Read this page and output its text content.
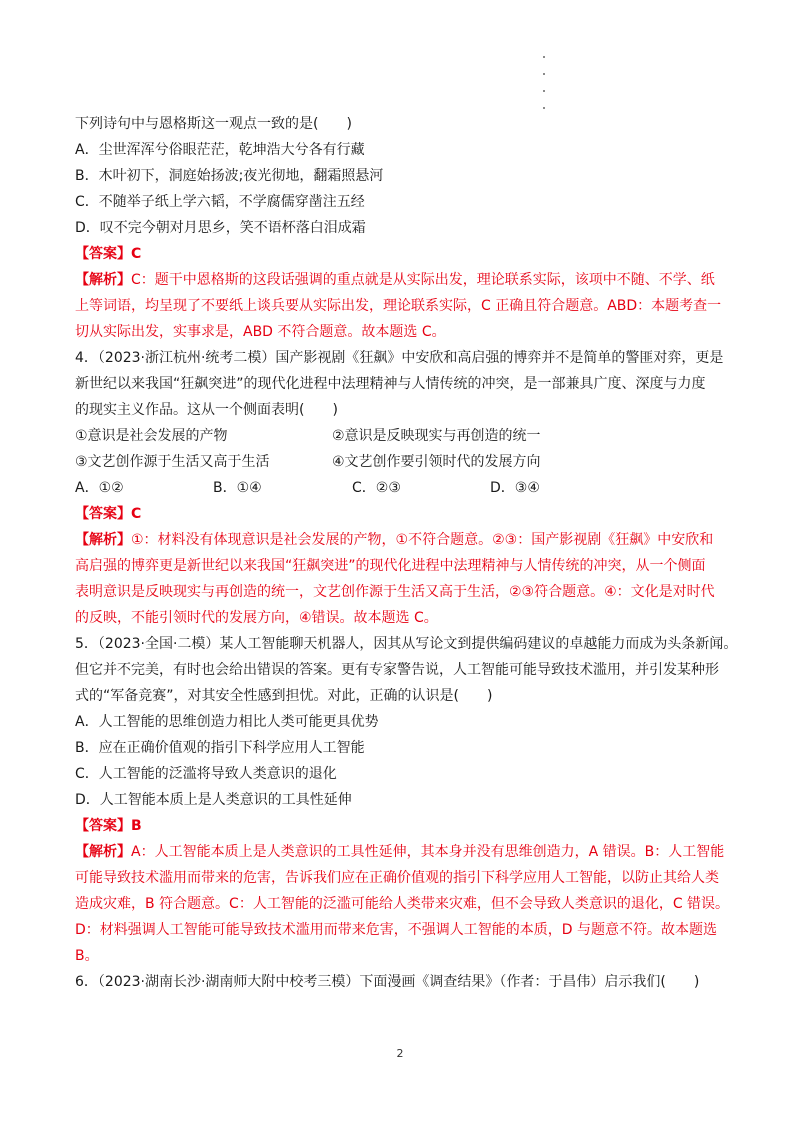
下列诗句中与恩格斯这一观点一致的是(　　)

A．尘世浑浑兮俗眼茫茫，乾坤浩大兮各有行藏

B．木叶初下，洞庭始扬波;夜光彻地，翻霜照悬河

C．不随举子纸上学六韬，不学腐儒穿凿注五经

D．叹不完今朝对月思乡，笑不语杯落白泪成霜

【答案】C

【解析】C：题干中恩格斯的这段话强调的重点就是从实际出发，理论联系实际，该项中不随、不学、纸

上等词语，均呈现了不要纸上谈兵要从实际出发，理论联系实际，C 正确且符合题意。ABD：本题考查一

切从实际出发，实事求是，ABD 不符合题意。故本题选 C。

4．（2023·浙江杭州·统考二模）国产影视剧《狂飙》中安欣和高启强的博弈并不是简单的警匪对弈，更是

新世纪以来我国“狂飙突进”的现代化进程中法理精神与人情传统的冲突，是一部兼具广度、深度与力度

的现实主义作品。这从一个侧面表明(　　)

①意识是社会发展的产物	②意识是反映现实与再创造的统一

③文艺创作源于生活又高于生活	④文艺创作要引领时代的发展方向

A．①②	B．①④	C．②③	D．③④

【答案】C

【解析】①：材料没有体现意识是社会发展的产物，①不符合题意。②③：国产影视剧《狂飙》中安欣和

高启强的博弈更是新世纪以来我国“狂飙突进”的现代化进程中法理精神与人情传统的冲突，从一个侧面

表明意识是反映现实与再创造的统一，文艺创作源于生活又高于生活，②③符合题意。④：文化是对时代

的反映，不能引领时代的发展方向，④错误。故本题选 C。

5．（2023·全国·二模）某人工智能聊天机器人，因其从写论文到提供编码建议的卓越能力而成为头条新闻。

但它并不完美，有时也会给出错误的答案。更有专家警告说，人工智能可能导致技术滥用，并引发某种形

式的“军备竞赛”，对其安全性感到担忧。对此，正确的认识是(　　)

A．人工智能的思维创造力相比人类可能更具优势

B．应在正确价值观的指引下科学应用人工智能

C．人工智能的泛滥将导致人类意识的退化

D．人工智能本质上是人类意识的工具性延伸

【答案】B

【解析】A：人工智能本质上是人类意识的工具性延伸，其本身并没有思维创造力，A 错误。B：人工智能

可能导致技术滥用而带来的危害，告诉我们应在正确价值观的指引下科学应用人工智能，以防止其给人类

造成灾难，B 符合题意。C：人工智能的泛滥可能给人类带来灾难，但不会导致人类意识的退化，C 错误。

D：材料强调人工智能可能导致技术滥用而带来危害，不强调人工智能的本质，D 与题意不符。故本题选

B。

6．（2023·湖南长沙·湖南师大附中校考三模）下面漫画《调查结果》（作者：于昌伟）启示我们(　　)

2
